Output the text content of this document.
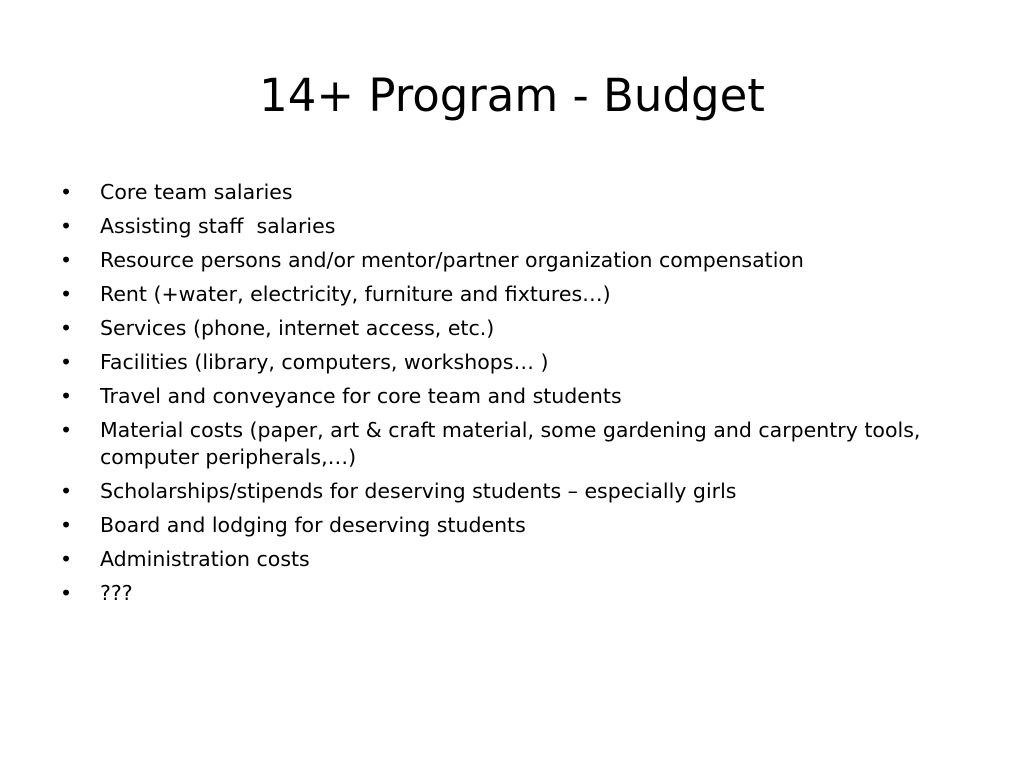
14+ Program - Budget
•	Core team salaries
•	Assisting staff  salaries
•	Resource persons and/or mentor/partner organization compensation
•	Rent (+water, electricity, furniture and fixtures…)
•	Services (phone, internet access, etc.)
•	Facilities (library, computers, workshops… )
•	Travel and conveyance for core team and students
•	Material costs (paper, art & craft material, some gardening and carpentry tools, computer peripherals,…)
•	Scholarships/stipends for deserving students – especially girls
•	Board and lodging for deserving students
•	Administration costs
•	???
